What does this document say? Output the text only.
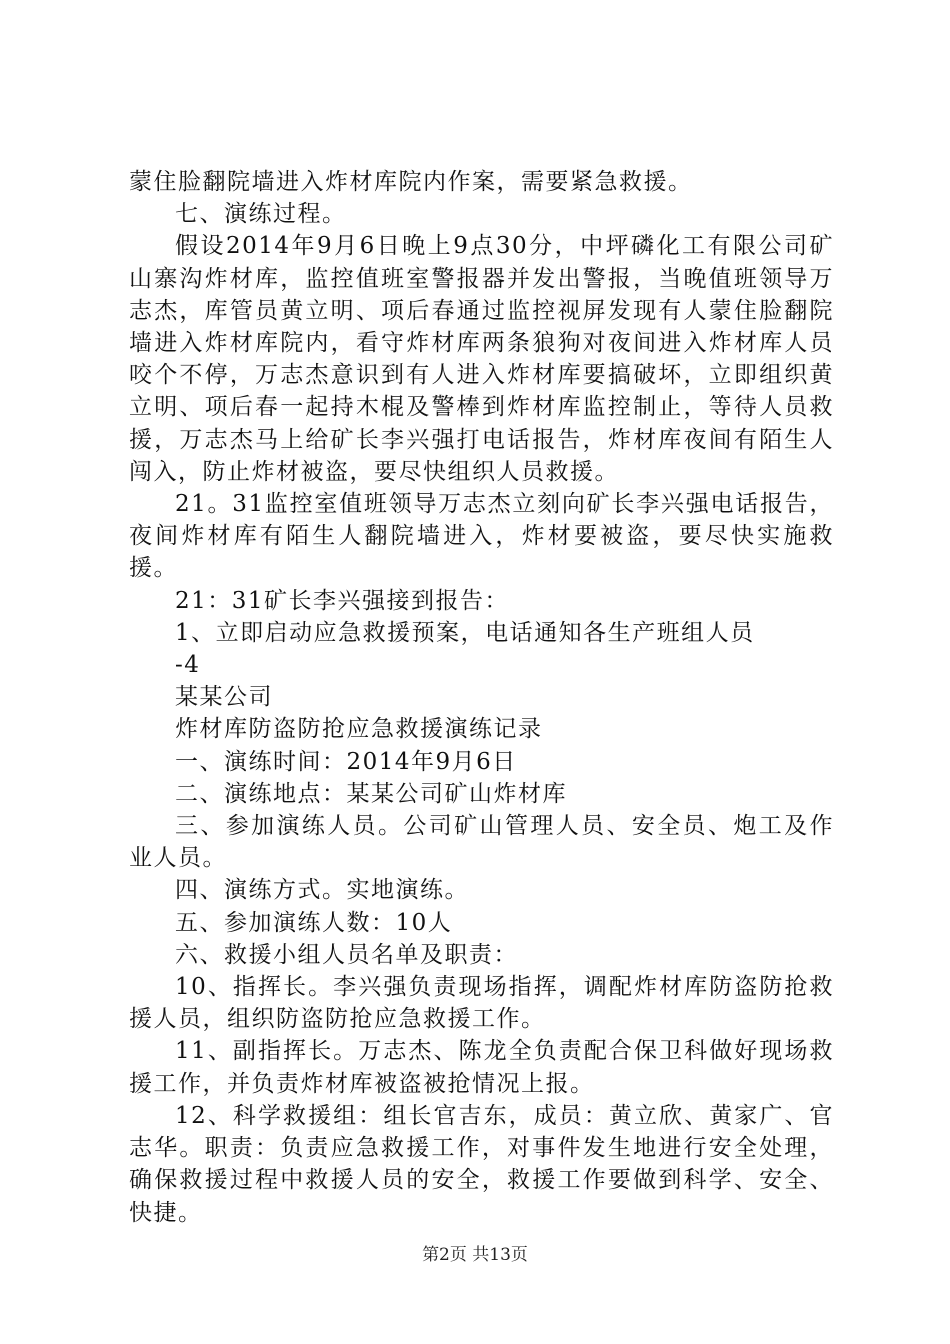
蒙住脸翻院墙进入炸材库院内作案，需要紧急救援。

七、演练过程。

假设2014年9月6日晚上9点30分，中坪磷化工有限公司矿山寨沟炸材库，监控值班室警报器并发出警报，当晚值班领导万志杰，库管员黄立明、项后春通过监控视屏发现有人蒙住脸翻院墙进入炸材库院内，看守炸材库两条狼狗对夜间进入炸材库人员咬个不停，万志杰意识到有人进入炸材库要搞破坏，立即组织黄立明、项后春一起持木棍及警棒到炸材库监控制止，等待人员救援，万志杰马上给矿长李兴强打电话报告，炸材库夜间有陌生人闯入，防止炸材被盗，要尽快组织人员救援。

21。31监控室值班领导万志杰立刻向矿长李兴强电话报告，夜间炸材库有陌生人翻院墙进入，炸材要被盗，要尽快实施救援。

21：31矿长李兴强接到报告：

1、立即启动应急救援预案，电话通知各生产班组人员

-4

某某公司

炸材库防盗防抢应急救援演练记录

一、演练时间：2014年9月6日

二、演练地点：某某公司矿山炸材库

三、参加演练人员。公司矿山管理人员、安全员、炮工及作业人员。

四、演练方式。实地演练。

五、参加演练人数：10人

六、救援小组人员名单及职责：

10、指挥长。李兴强负责现场指挥，调配炸材库防盗防抢救援人员，组织防盗防抢应急救援工作。

11、副指挥长。万志杰、陈龙全负责配合保卫科做好现场救援工作，并负责炸材库被盗被抢情况上报。

12、科学救援组：组长官吉东，成员：黄立欣、黄家广、官志华。职责：负责应急救援工作，对事件发生地进行安全处理，确保救援过程中救援人员的安全，救援工作要做到科学、安全、快捷。

第2页 共13页
